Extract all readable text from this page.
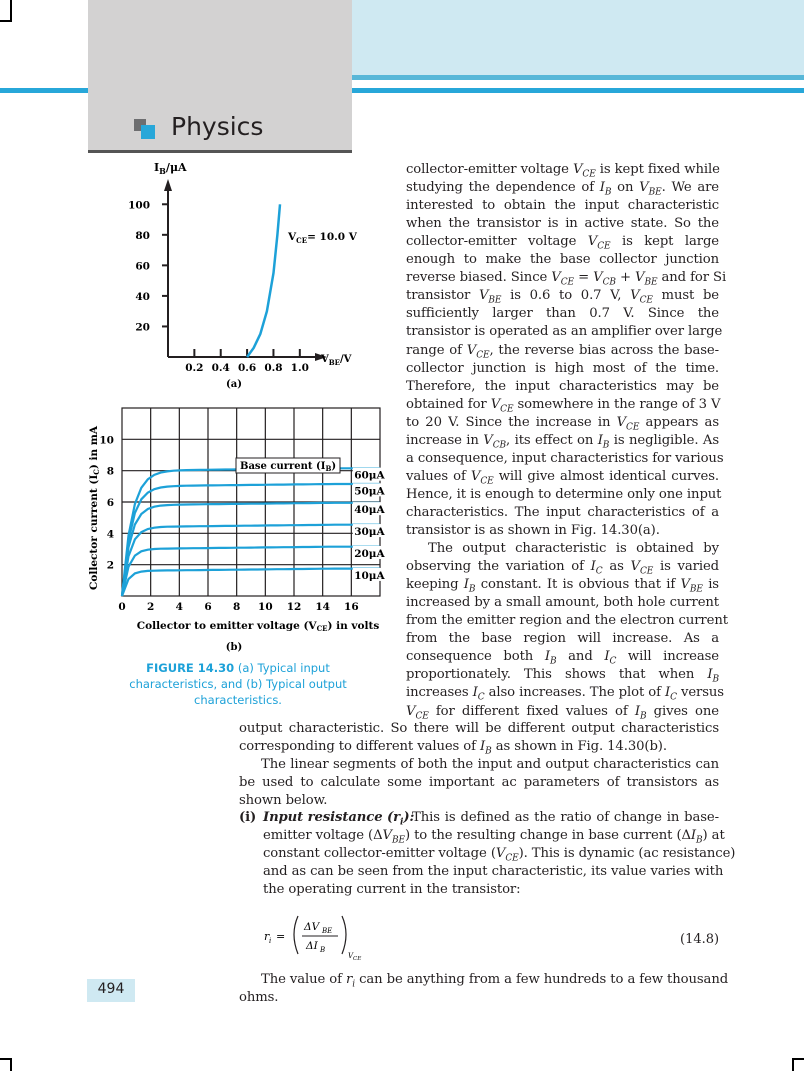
Physics
100
80
60
40
20
0.2 0.4 0.6 0.8 1.0
$I_B/\mu A$
$V_{BE}/V$
$V_{CE}= 10.0$ V
(a)
10
8
6
4
2
0 2 4 6 8 10 12 14 16
60μA
50μA
40μA
30μA
20μA
10μA
Base current $(I_B)$
Collector current (IC) in mA
Collector to emitter voltage (VCE) in volts
(b)
FIGURE 14.30 (a) Typical input characteristics, and (b) Typical output characteristics.
collector-emitter voltage $V_{CE}$ is kept fixed while
studying the dependence of $I_B$ on $V_{BE}$. We are
interested to obtain the input characteristic
when the transistor is in active state. So the
collector-emitter voltage $V_{CE}$ is kept large
enough to make the base collector junction
reverse biased. Since $V_{CE} = V_{CB} + V_{BE}$ and for Si
transistor $V_{BE}$ is 0.6 to 0.7 V, $V_{CE}$ must be
sufficiently larger than 0.7 V. Since the
transistor is operated as an amplifier over large
range of $V_{CE}$, the reverse bias across the base-
collector junction is high most of the time.
Therefore, the input characteristics may be
obtained for $V_{CE}$ somewhere in the range of 3 V
to 20 V. Since the increase in $V_{CE}$ appears as
increase in $V_{CB}$, its effect on $I_B$ is negligible. As
a consequence, input characteristics for various
values of $V_{CE}$ will give almost identical curves.
Hence, it is enough to determine only one input
characteristics. The input characteristics of a
transistor is as shown in Fig. 14.30(a).
The output characteristic is obtained by
observing the variation of $I_C$ as $V_{CE}$ is varied
keeping $I_B$ constant. It is obvious that if $V_{BE}$ is
increased by a small amount, both hole current
from the emitter region and the electron current
from the base region will increase. As a
consequence both $I_B$ and $I_C$ will increase
proportionately. This shows that when $I_B$
increases $I_C$ also increases. The plot of $I_C$ versus
$V_{CE}$ for different fixed values of $I_B$ gives one
output characteristic. So there will be different output characteristics
corresponding to different values of $I_B$ as shown in Fig. 14.30(b).
The linear segments of both the input and output characteristics can
be used to calculate some important ac parameters of transistors as
shown below.
(i)	This is defined as the ratio of change in base-
emitter voltage $(\Delta V_{BE})$ to the resulting change in base current $(\Delta I_B)$ at
constant collector-emitter voltage $(V_{CE})$. This is dynamic (ac resistance)
and as can be seen from the input characteristic, its value varies with
the operating current in the transistor:
Input resistance $(r_i)$:
r i =
ΔV BE
ΔI B
V CE
(14.8)
The value of $r_i$ can be anything from a few hundreds to a few thousand
ohms.
494
